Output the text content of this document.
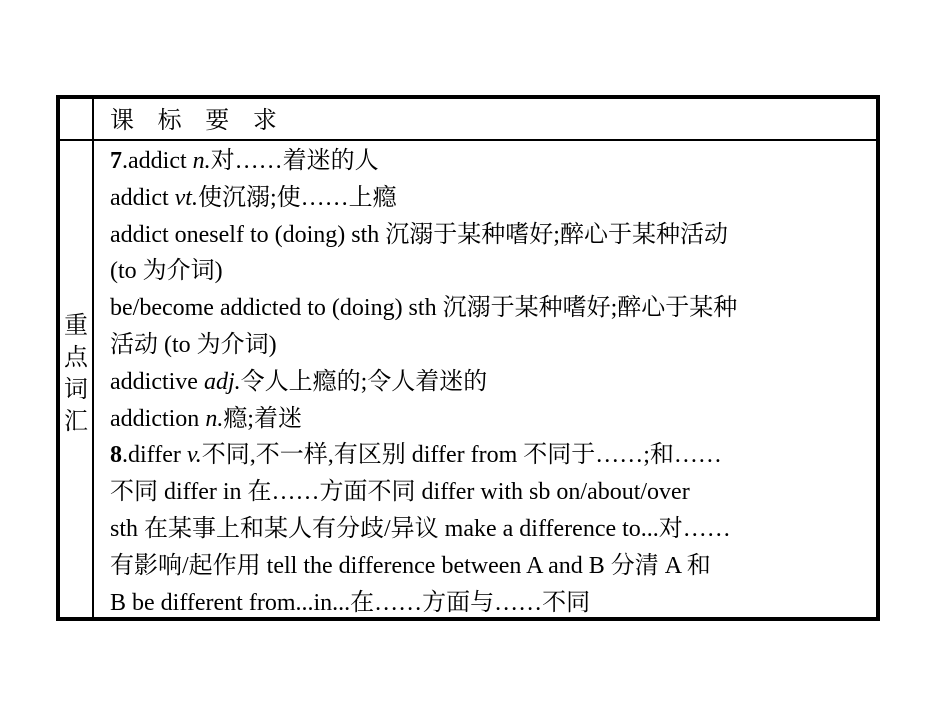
课 标 要 求
重点词汇
7.addict n.对……着迷的人
addict vt.使沉溺;使……上瘾
addict oneself to (doing) sth 沉溺于某种嗜好;醉心于某种活动
(to 为介词)
be/become addicted to (doing) sth 沉溺于某种嗜好;醉心于某种
活动 (to 为介词)
addictive adj.令人上瘾的;令人着迷的
addiction n.瘾;着迷
8.differ v.不同,不一样,有区别 differ from 不同于……;和……
不同 differ in 在……方面不同 differ with sb on/about/over
sth 在某事上和某人有分歧/异议 make a difference to...对……
有影响/起作用 tell the difference between A and B 分清 A 和
B be different from...in...在……方面与……不同
